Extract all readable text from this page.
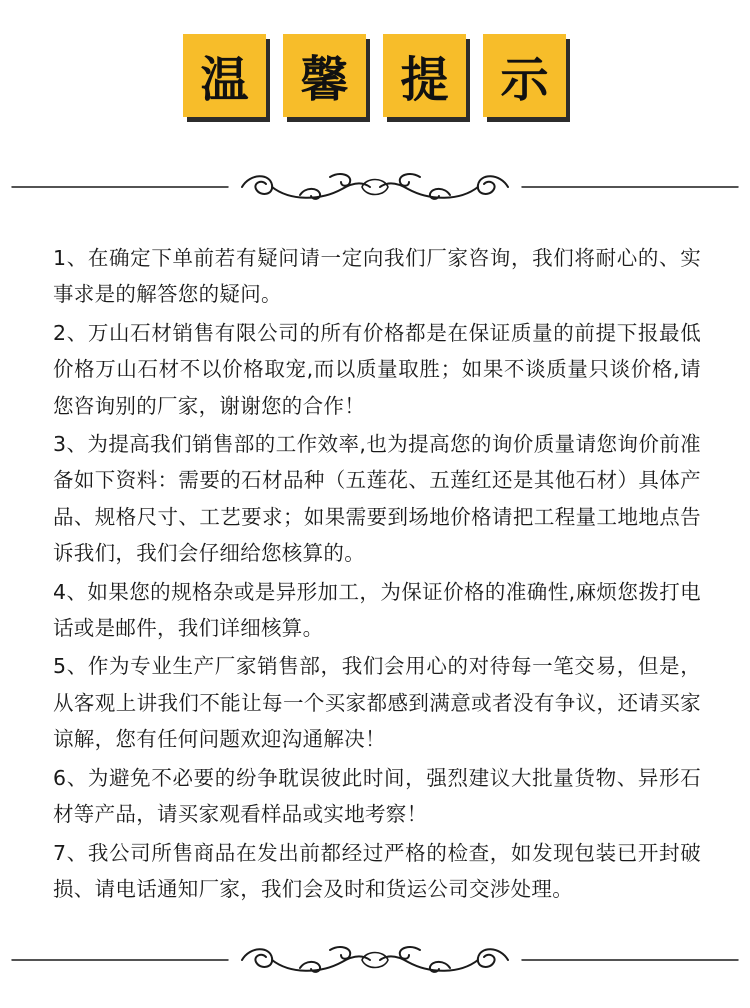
温	馨	提	示

1、在确定下单前若有疑问请一定向我们厂家咨询，我们将耐心的、实事求是的解答您的疑问。

2、万山石材销售有限公司的所有价格都是在保证质量的前提下报最低价格万山石材不以价格取宠,而以质量取胜；如果不谈质量只谈价格,请您咨询别的厂家，谢谢您的合作！

3、为提高我们销售部的工作效率,也为提高您的询价质量请您询价前准备如下资料：需要的石材品种（五莲花、五莲红还是其他石材）具体产品、规格尺寸、工艺要求；如果需要到场地价格请把工程量工地地点告诉我们，我们会仔细给您核算的。

4、如果您的规格杂或是异形加工，为保证价格的准确性,麻烦您拨打电话或是邮件，我们详细核算。

5、作为专业生产厂家销售部，我们会用心的对待每一笔交易，但是，从客观上讲我们不能让每一个买家都感到满意或者没有争议，还请买家谅解，您有任何问题欢迎沟通解决！

6、为避免不必要的纷争耽误彼此时间，强烈建议大批量货物、异形石材等产品，请买家观看样品或实地考察！

7、我公司所售商品在发出前都经过严格的检查，如发现包装已开封破损、请电话通知厂家，我们会及时和货运公司交涉处理。
